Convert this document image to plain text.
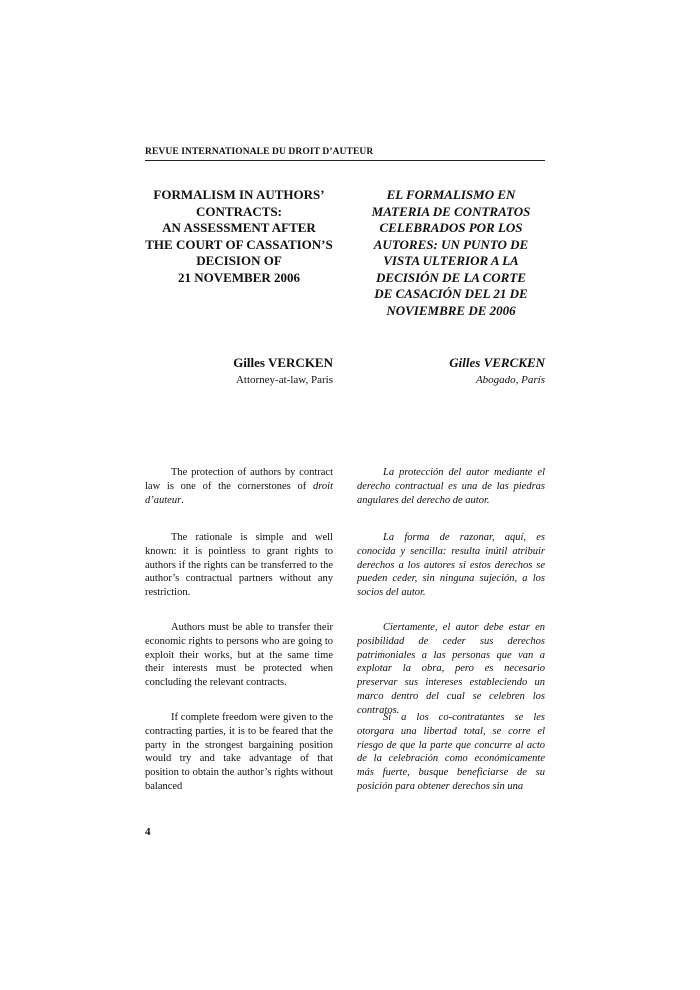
REVUE INTERNATIONALE DU DROIT D’AUTEUR
FORMALISM IN AUTHORS’
CONTRACTS:
AN ASSESSMENT AFTER
THE COURT OF CASSATION’S
DECISION OF
21 NOVEMBER 2006
EL FORMALISMO EN
MATERIA DE CONTRATOS
CELEBRADOS POR LOS
AUTORES: UN PUNTO DE
VISTA ULTERIOR A LA
DECISIÓN DE LA CORTE
DE CASACIÓN DEL 21 DE
NOVIEMBRE DE 2006
Gilles VERCKEN
Attorney-at-law, Paris
Gilles VERCKEN
Abogado, París
The protection of authors by contract law is one of the cornerstones of droit d’auteur.
The rationale is simple and well known: it is pointless to grant rights to authors if the rights can be transferred to the author’s contractual partners without any restriction.
Authors must be able to transfer their economic rights to persons who are going to exploit their works, but at the same time their interests must be protected when concluding the relevant contracts.
If complete freedom were given to the contracting parties, it is to be feared that the party in the strongest bargaining position would try and take advantage of that position to obtain the author’s rights without balanced
La protección del autor mediante el derecho contractual es una de las piedras angulares del derecho de autor.
La forma de razonar, aquí, es conocida y sencilla: resulta inútil atribuir derechos a los autores si estos derechos se pueden ceder, sin ninguna sujeción, a los socios del autor.
Ciertamente, el autor debe estar en posibilidad de ceder sus derechos patrimoniales a las personas que van a explotar la obra, pero es necesario preservar sus intereses estableciendo un marco dentro del cual se celebren los contratos.
Si a los co-contratantes se les otorgara una libertad total, se corre el riesgo de que la parte que concurre al acto de la celebración como económicamente más fuerte, busque beneficiarse de su posición para obtener derechos sin una
4
